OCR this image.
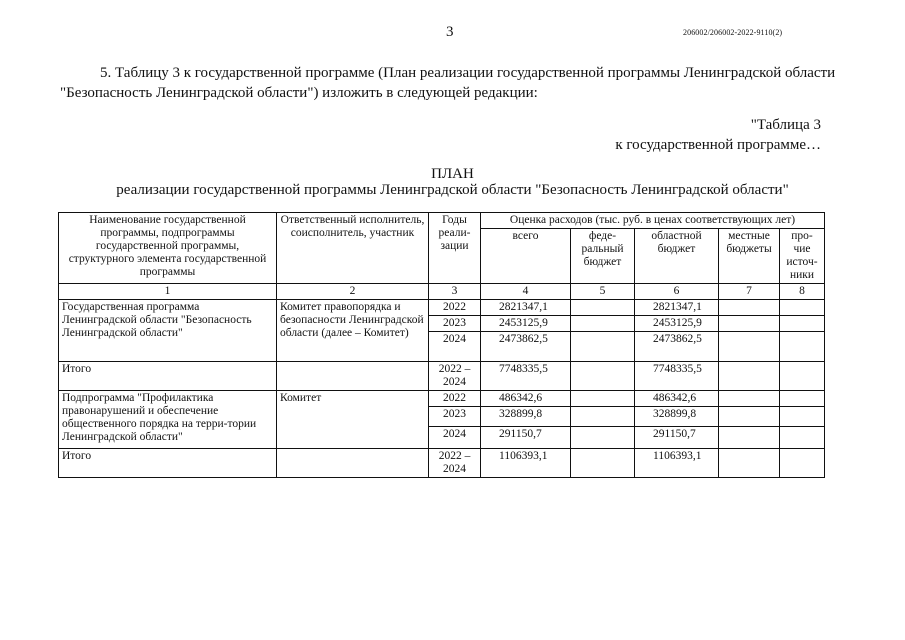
3	206002/206002-2022-9110(2)

5. Таблицу 3 к государственной программе (План реализации государственной программы Ленинградской области "Безопасность Ленинградской области") изложить в следующей редакции:

"Таблица 3
к государственной программе…
ПЛАН
реализации государственной программы Ленинградской области "Безопасность Ленинградской области"
Наименование государственной программы, подпрограммы государственной программы, структурного элемента государственной программы	Ответственный исполнитель, соисполнитель, участник	Годы реали-зации	Оценка расходов (тыс. руб. в ценах соответствующих лет)				
			всего	феде-ральный бюджет	областной бюджет	местные бюджеты	про-чие источ-ники
1	2	3	4	5	6	7	8
Государственная программа Ленинградской области "Безопасность Ленинградской области"	Комитет правопорядка и безопасности Ленинградской области (далее – Комитет)	2022	2821347,1		2821347,1		
		2023	2453125,9		2453125,9		
		2024	2473862,5		2473862,5		
Итого		2022 – 2024	7748335,5		7748335,5		
Подпрограмма "Профилактика правонарушений и обеспечение общественного порядка на терри-тории Ленинградской области"	Комитет	2022	486342,6		486342,6		
		2023	328899,8		328899,8		
		2024	291150,7		291150,7		
Итого		2022 – 2024	1106393,1		1106393,1		
